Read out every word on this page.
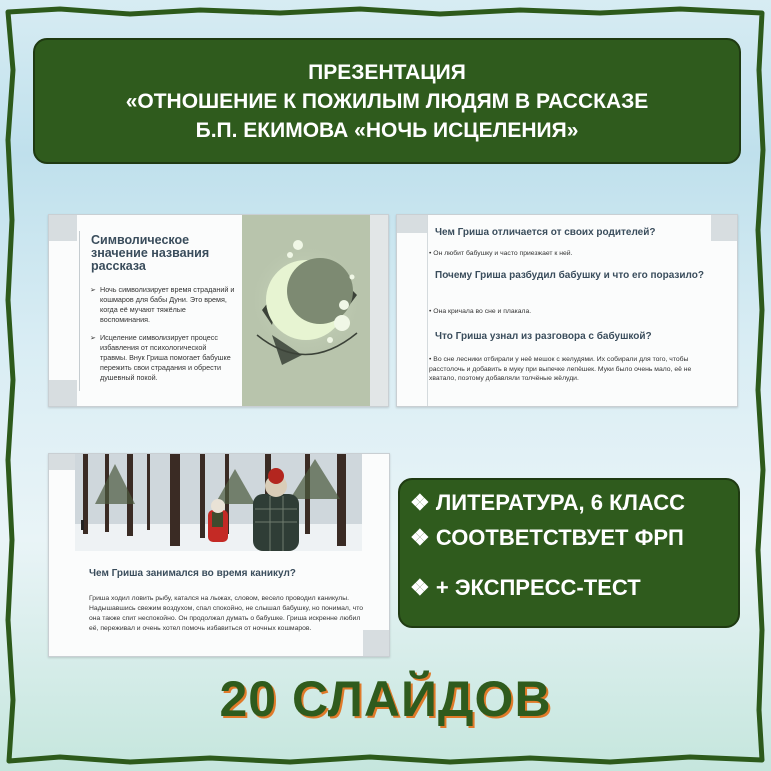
ПРЕЗЕНТАЦИЯ
«ОТНОШЕНИЕ К ПОЖИЛЫМ ЛЮДЯМ В РАССКАЗЕ
Б.П. ЕКИМОВА «НОЧЬ ИСЦЕЛЕНИЯ»
Символическое значение названия рассказа
➢ Ночь символизирует время страданий и кошмаров для бабы Дуни. Это время, когда её мучают тяжёлые воспоминания.
➢ Исцеление символизирует процесс избавления от психологической травмы. Внук Гриша помогает бабушке пережить свои страдания и обрести душевный покой.
Чем Гриша отличается от своих родителей?
• Он любит бабушку и часто приезжает к ней.
Почему Гриша разбудил бабушку и что его поразило?
• Она кричала во сне и плакала.
Что Гриша узнал из разговора с бабушкой?
• Во сне лесники отбирали у неё мешок с желудями. Их собирали для того, чтобы расстолочь и добавить в муку при выпечке лепёшек. Муки было очень мало, её не хватало, поэтому добавляли толчёные жёлуди.
Чем Гриша занимался во время каникул?
Гриша ходил ловить рыбу, катался на лыжах, словом, весело проводил каникулы. Надышавшись свежим воздухом, спал спокойно, не слышал бабушку, но понимал, что она также спит неспокойно. Он продолжал думать о бабушке. Гриша искренне любил её, переживал и очень хотел помочь избавиться от ночных кошмаров.
❖ ЛИТЕРАТУРА, 6 КЛАСС
❖ СООТВЕТСТВУЕТ ФРП
❖ + ЭКСПРЕСС-ТЕСТ
20 СЛАЙДОВ
